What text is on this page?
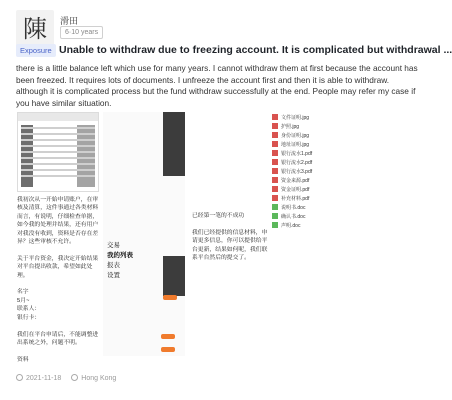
陳	滑田
6·10 years
Exposure Unable to withdraw due to freezing account. It is complicated but withdrawal ...
there is a little balance left which use for many years. I cannot withdraw them at first because the account has been freezed. It requires lots of documents. I unfreeze the account first and then it is able to withdraw. although it is complicated process but the fund withdraw successfully at the end. People may refer my case if you have similar situation.
我初次从一开始申请账户，在审核及清算，这件事通过各类材料而言，有说明，仔细检查单据，如今我的处理并结果，还有用户对我没有收到，资料是否存在差异？这些审核不允许。

关于平台资金，我决定开始结果对平台提出收款，希望如此处理。

名字
5月~
联系人：
银行卡：

我们在平台申请后，不能调整进出系统之外，问题不明。

资料
交易
我的列表
报表
设置
已经第一笔的不成功

我们已经提供的信息材料，申请更多信息，你可以提供给平台更新，结果如何呢，我们联系平台然后的提交了。
文件证明.jpg
护照.jpg
身份证明.jpg
地址证明.jpg
银行流水1.pdf
银行流水2.pdf
银行流水3.pdf
资金来源.pdf
资金证明.pdf
补充材料.pdf
说明书.doc
确认书.doc
声明.doc
2021-11-18	Hong Kong
